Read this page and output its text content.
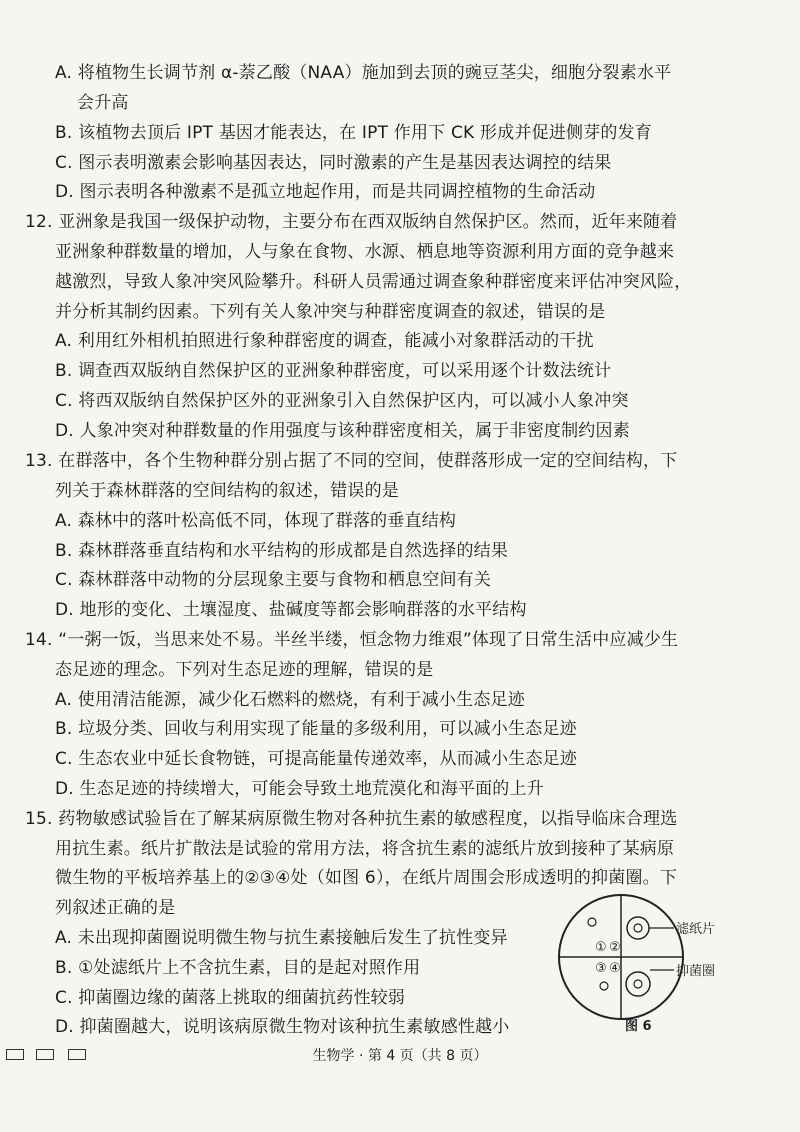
A. 将植物生长调节剂 α-萘乙酸（NAA）施加到去顶的豌豆茎尖，细胞分裂素水平
会升高
B. 该植物去顶后 IPT 基因才能表达，在 IPT 作用下 CK 形成并促进侧芽的发育
C. 图示表明激素会影响基因表达，同时激素的产生是基因表达调控的结果
D. 图示表明各种激素不是孤立地起作用，而是共同调控植物的生命活动
12. 亚洲象是我国一级保护动物，主要分布在西双版纳自然保护区。然而，近年来随着
亚洲象种群数量的增加，人与象在食物、水源、栖息地等资源利用方面的竞争越来
越激烈，导致人象冲突风险攀升。科研人员需通过调查象种群密度来评估冲突风险，
并分析其制约因素。下列有关人象冲突与种群密度调查的叙述，错误的是
A. 利用红外相机拍照进行象种群密度的调查，能减小对象群活动的干扰
B. 调查西双版纳自然保护区的亚洲象种群密度，可以采用逐个计数法统计
C. 将西双版纳自然保护区外的亚洲象引入自然保护区内，可以减小人象冲突
D. 人象冲突对种群数量的作用强度与该种群密度相关，属于非密度制约因素
13. 在群落中，各个生物种群分别占据了不同的空间，使群落形成一定的空间结构，下
列关于森林群落的空间结构的叙述，错误的是
A. 森林中的落叶松高低不同，体现了群落的垂直结构
B. 森林群落垂直结构和水平结构的形成都是自然选择的结果
C. 森林群落中动物的分层现象主要与食物和栖息空间有关
D. 地形的变化、土壤湿度、盐碱度等都会影响群落的水平结构
14. “一粥一饭，当思来处不易。半丝半缕，恒念物力维艰”体现了日常生活中应减少生
态足迹的理念。下列对生态足迹的理解，错误的是
A. 使用清洁能源，减少化石燃料的燃烧，有利于减小生态足迹
B. 垃圾分类、回收与利用实现了能量的多级利用，可以减小生态足迹
C. 生态农业中延长食物链，可提高能量传递效率，从而减小生态足迹
D. 生态足迹的持续增大，可能会导致土地荒漠化和海平面的上升
15. 药物敏感试验旨在了解某病原微生物对各种抗生素的敏感程度，以指导临床合理选
用抗生素。纸片扩散法是试验的常用方法，将含抗生素的滤纸片放到接种了某病原
微生物的平板培养基上的②③④处（如图 6），在纸片周围会形成透明的抑菌圈。下
列叙述正确的是
A. 未出现抑菌圈说明微生物与抗生素接触后发生了抗性变异
B. ①处滤纸片上不含抗生素，目的是起对照作用
C. 抑菌圈边缘的菌落上挑取的细菌抗药性较弱
D. 抑菌圈越大，说明该病原微生物对该种抗生素敏感性越小
① ②
③ ④
滤纸片
抑菌圈
图 6
生物学 · 第 4 页（共 8 页）
